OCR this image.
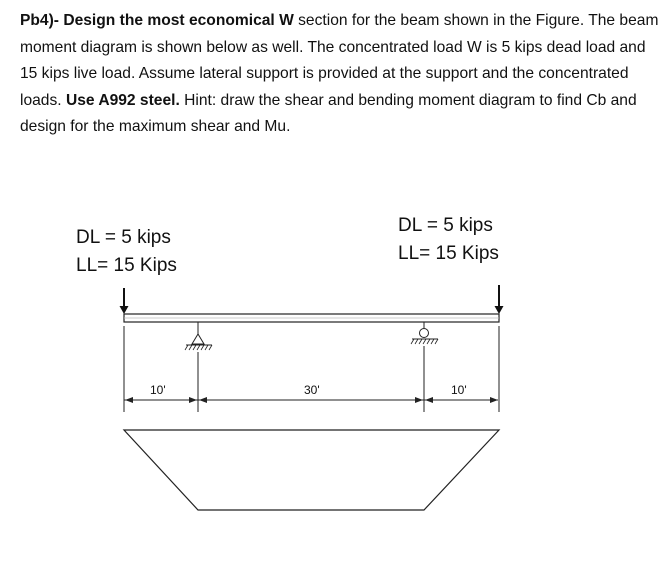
Pb4)- Design the most economical W section for the beam shown in the Figure. The beam moment diagram is shown below as well. The concentrated load W is 5 kips dead load and 15 kips live load. Assume lateral support is provided at the support and the concentrated loads. Use A992 steel. Hint: draw the shear and bending moment diagram to find Cb and design for the maximum shear and Mu.

DL = 5 kips
LL= 15 Kips
DL = 5 kips
LL= 15 Kips
10'	30'	10'
